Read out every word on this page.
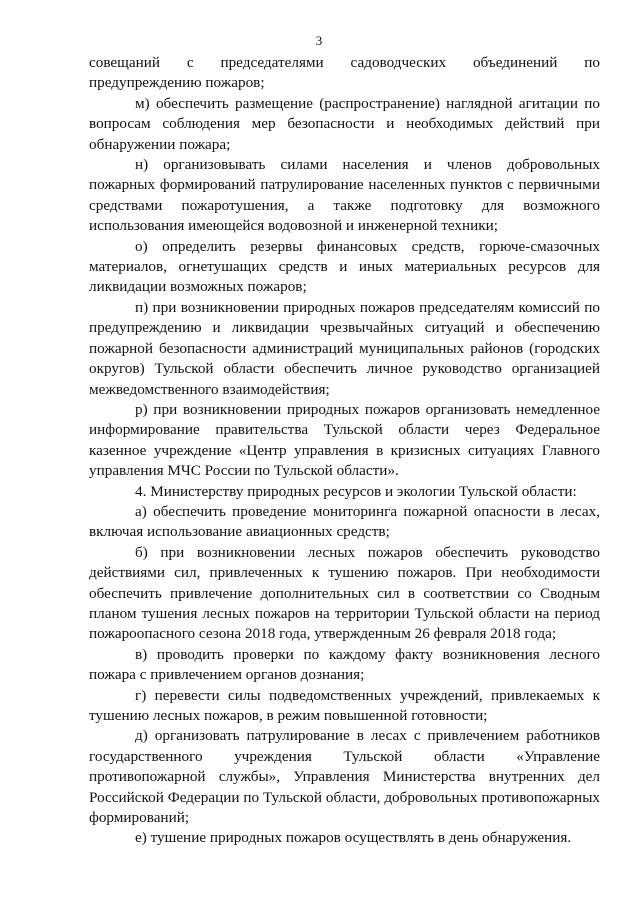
3

совещаний с председателями садоводческих объединений по предупреждению пожаров;

м) обеспечить размещение (распространение) наглядной агитации по вопросам соблюдения мер безопасности и необходимых действий при обнаружении пожара;

н) организовывать силами населения и членов добровольных пожарных формирований патрулирование населенных пунктов с первичными средствами пожаротушения, а также подготовку для возможного использования имеющейся водовозной и инженерной техники;

о) определить резервы финансовых средств, горюче-смазочных материалов, огнетушащих средств и иных материальных ресурсов для ликвидации возможных пожаров;

п) при возникновении природных пожаров председателям комиссий по предупреждению и ликвидации чрезвычайных ситуаций и обеспечению пожарной безопасности администраций муниципальных районов (городских округов) Тульской области обеспечить личное руководство организацией межведомственного взаимодействия;

р) при возникновении природных пожаров организовать немедленное информирование правительства Тульской области через Федеральное казенное учреждение «Центр управления в кризисных ситуациях Главного управления МЧС России по Тульской области».

4. Министерству природных ресурсов и экологии Тульской области:

а) обеспечить проведение мониторинга пожарной опасности в лесах, включая использование авиационных средств;

б) при возникновении лесных пожаров обеспечить руководство действиями сил, привлеченных к тушению пожаров. При необходимости обеспечить привлечение дополнительных сил в соответствии со Сводным планом тушения лесных пожаров на территории Тульской области на период пожароопасного сезона 2018 года, утвержденным 26 февраля 2018 года;

в) проводить проверки по каждому факту возникновения лесного пожара с привлечением органов дознания;

г) перевести силы подведомственных учреждений, привлекаемых к тушению лесных пожаров, в режим повышенной готовности;

д) организовать патрулирование в лесах с привлечением работников государственного учреждения Тульской области «Управление противопожарной службы», Управления Министерства внутренних дел Российской Федерации по Тульской области, добровольных противопожарных формирований;

е) тушение природных пожаров осуществлять в день обнаружения.
